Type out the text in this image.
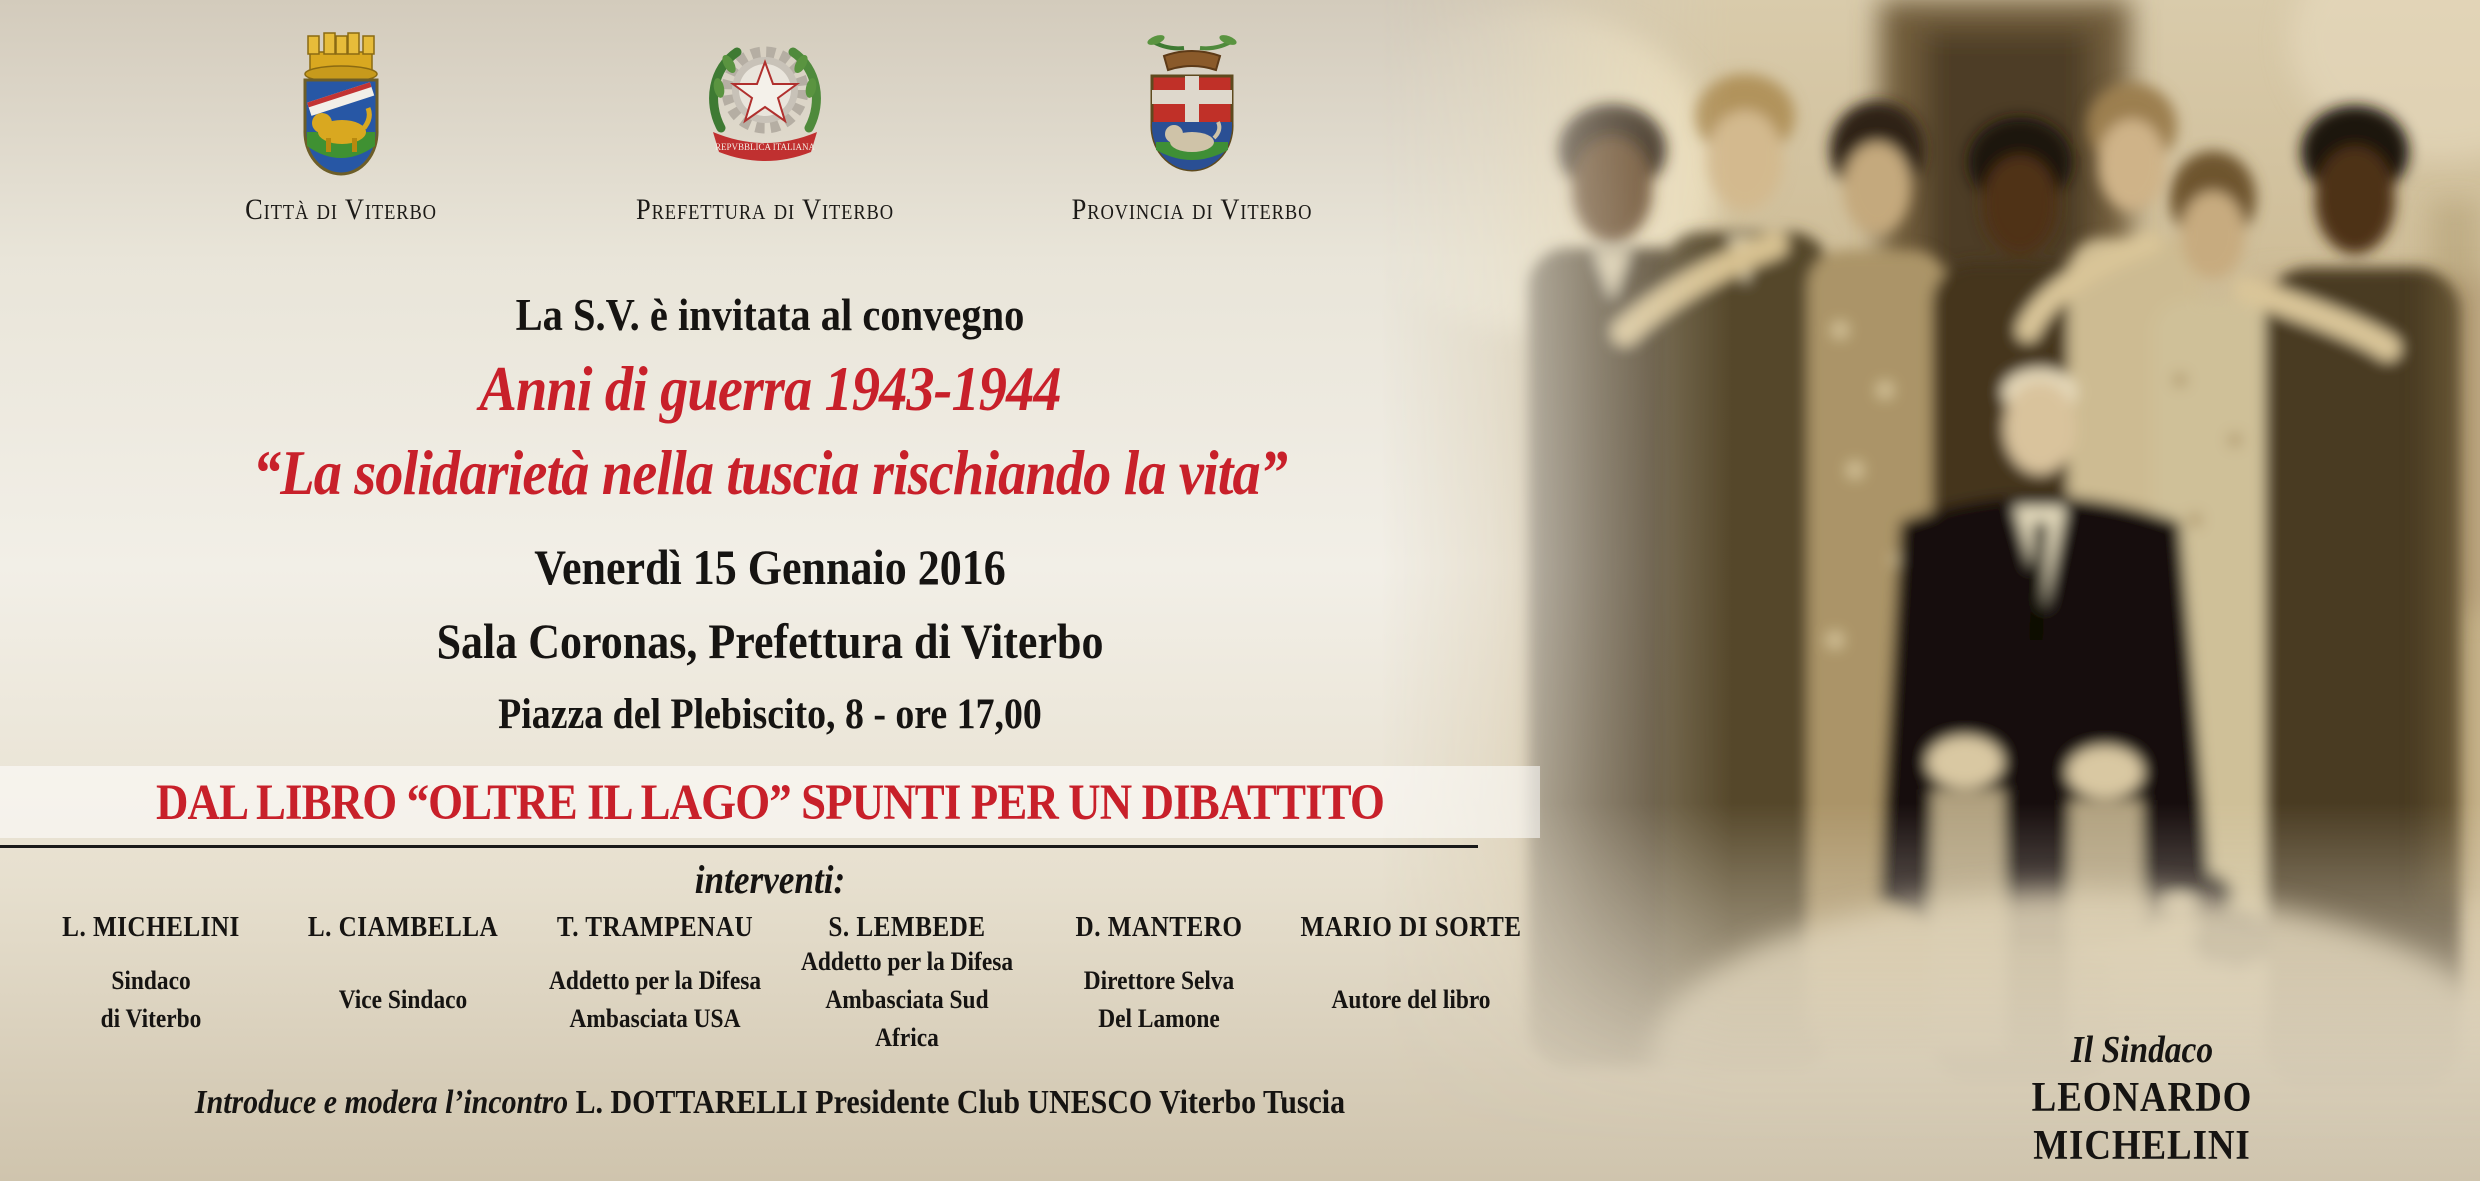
Città di Viterbo
REPVBBLICA ITALIANA
Prefettura di Viterbo	Provincia di Viterbo
La S.V. è invitata al convegno
Anni di guerra 1943-1944
“La solidarietà nella tuscia rischiando la vita”
Venerdì 15 Gennaio 2016
Sala Coronas, Prefettura di Viterbo
Piazza del Plebiscito, 8 - ore 17,00
DAL LIBRO “OLTRE IL LAGO” SPUNTI PER UN DIBATTITO
interventi:
L. MICHELINI
Sindaco
di Viterbo
L. CIAMBELLA
Vice Sindaco
T. TRAMPENAU
Addetto per la Difesa
Ambasciata USA
S. LEMBEDE
Addetto per la Difesa
Ambasciata Sud Africa
D. MANTERO
Direttore Selva
Del Lamone
MARIO DI SORTE
Autore del libro
Introduce e modera l’incontro L. DOTTARELLI Presidente Club UNESCO Viterbo Tuscia
Il Sindaco
LEONARDO MICHELINI
